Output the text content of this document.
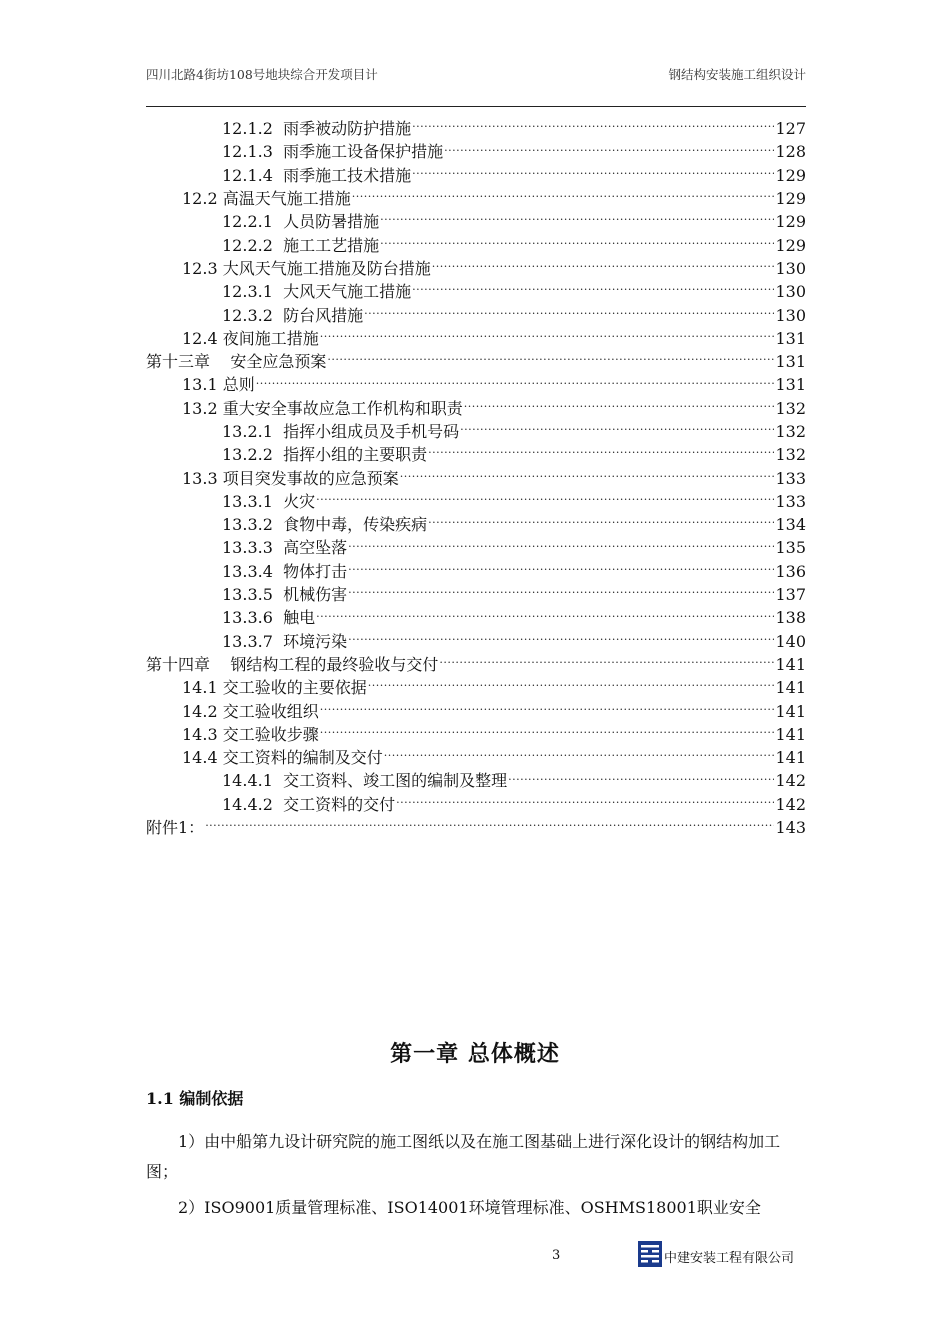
四川北路4街坊108号地块综合开发项目计	钢结构安装施工组织设计
12.1.2  雨季被动防护措施 .....	127
12.1.3  雨季施工设备保护措施 .....	128
12.1.4  雨季施工技术措施 .....	129
12.2 高温天气施工措施 .....	129
12.2.1  人员防暑措施 .....	129
12.2.2  施工工艺措施 .....	129
12.3 大风天气施工措施及防台措施 .....	130
12.3.1  大风天气施工措施 .....	130
12.3.2  防台风措施 .....	130
12.4 夜间施工措施 .....	131
第十三章    安全应急预案 .....	131
13.1 总则 .....	131
13.2 重大安全事故应急工作机构和职责 .....	132
13.2.1  指挥小组成员及手机号码 .....	132
13.2.2  指挥小组的主要职责 .....	132
13.3 项目突发事故的应急预案 .....	133
13.3.1  火灾 .....	133
13.3.2  食物中毒，传染疾病 .....	134
13.3.3  高空坠落 .....	135
13.3.4  物体打击 .....	136
13.3.5  机械伤害 .....	137
13.3.6  触电 .....	138
13.3.7  环境污染 .....	140
第十四章    钢结构工程的最终验收与交付 .....	141
14.1 交工验收的主要依据 .....	141
14.2 交工验收组织 .....	141
14.3 交工验收步骤 .....	141
14.4 交工资料的编制及交付 .....	141
14.4.1  交工资料、竣工图的编制及整理 .....	142
14.4.2  交工资料的交付 .....	142
附件1： .....	143
第一章 总体概述
1.1 编制依据
1）由中船第九设计研究院的施工图纸以及在施工图基础上进行深化设计的钢结构加工图；
2）ISO9001质量管理标准、ISO14001环境管理标准、OSHMS18001职业安全
3	中建安装工程有限公司
